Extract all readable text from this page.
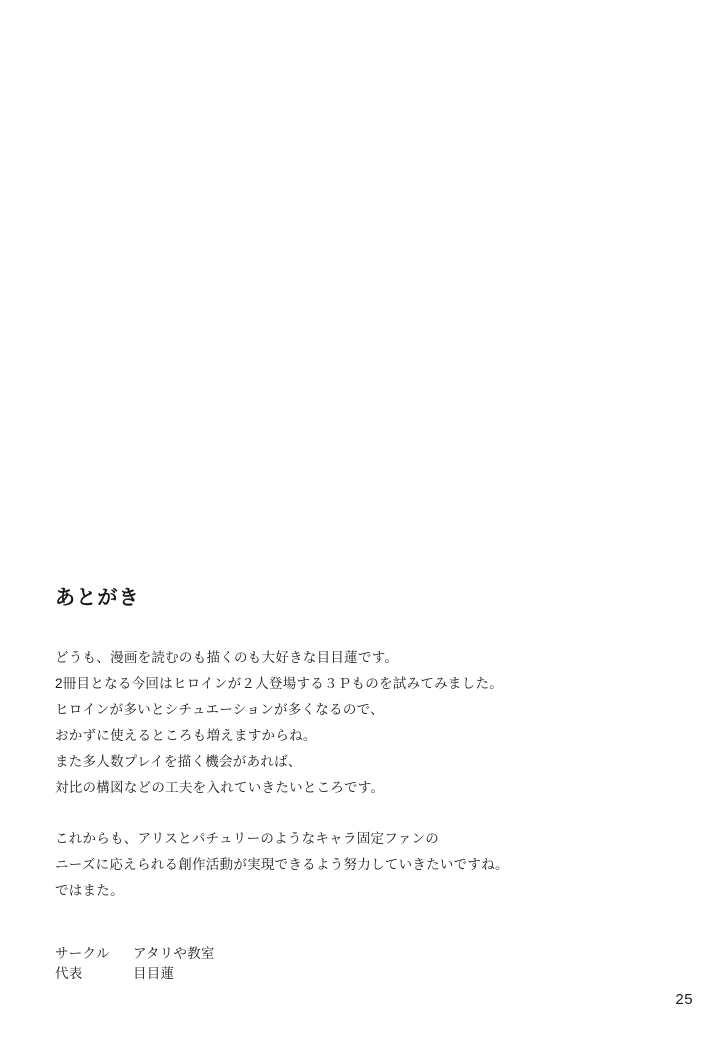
あとがき
どうも、漫画を読むのも描くのも大好きな目目蓮です。
2冊目となる今回はヒロインが２人登場する３Ｐものを試みてみました。
ヒロインが多いとシチュエーションが多くなるので、
おかずに使えるところも増えますからね。
また多人数プレイを描く機会があれば、
対比の構図などの工夫を入れていきたいところです。
これからも、アリスとパチュリーのようなキャラ固定ファンの
ニーズに応えられる創作活動が実現できるよう努力していきたいですね。
ではまた。
サークル	アタリや教室
代表	目目蓮
25
